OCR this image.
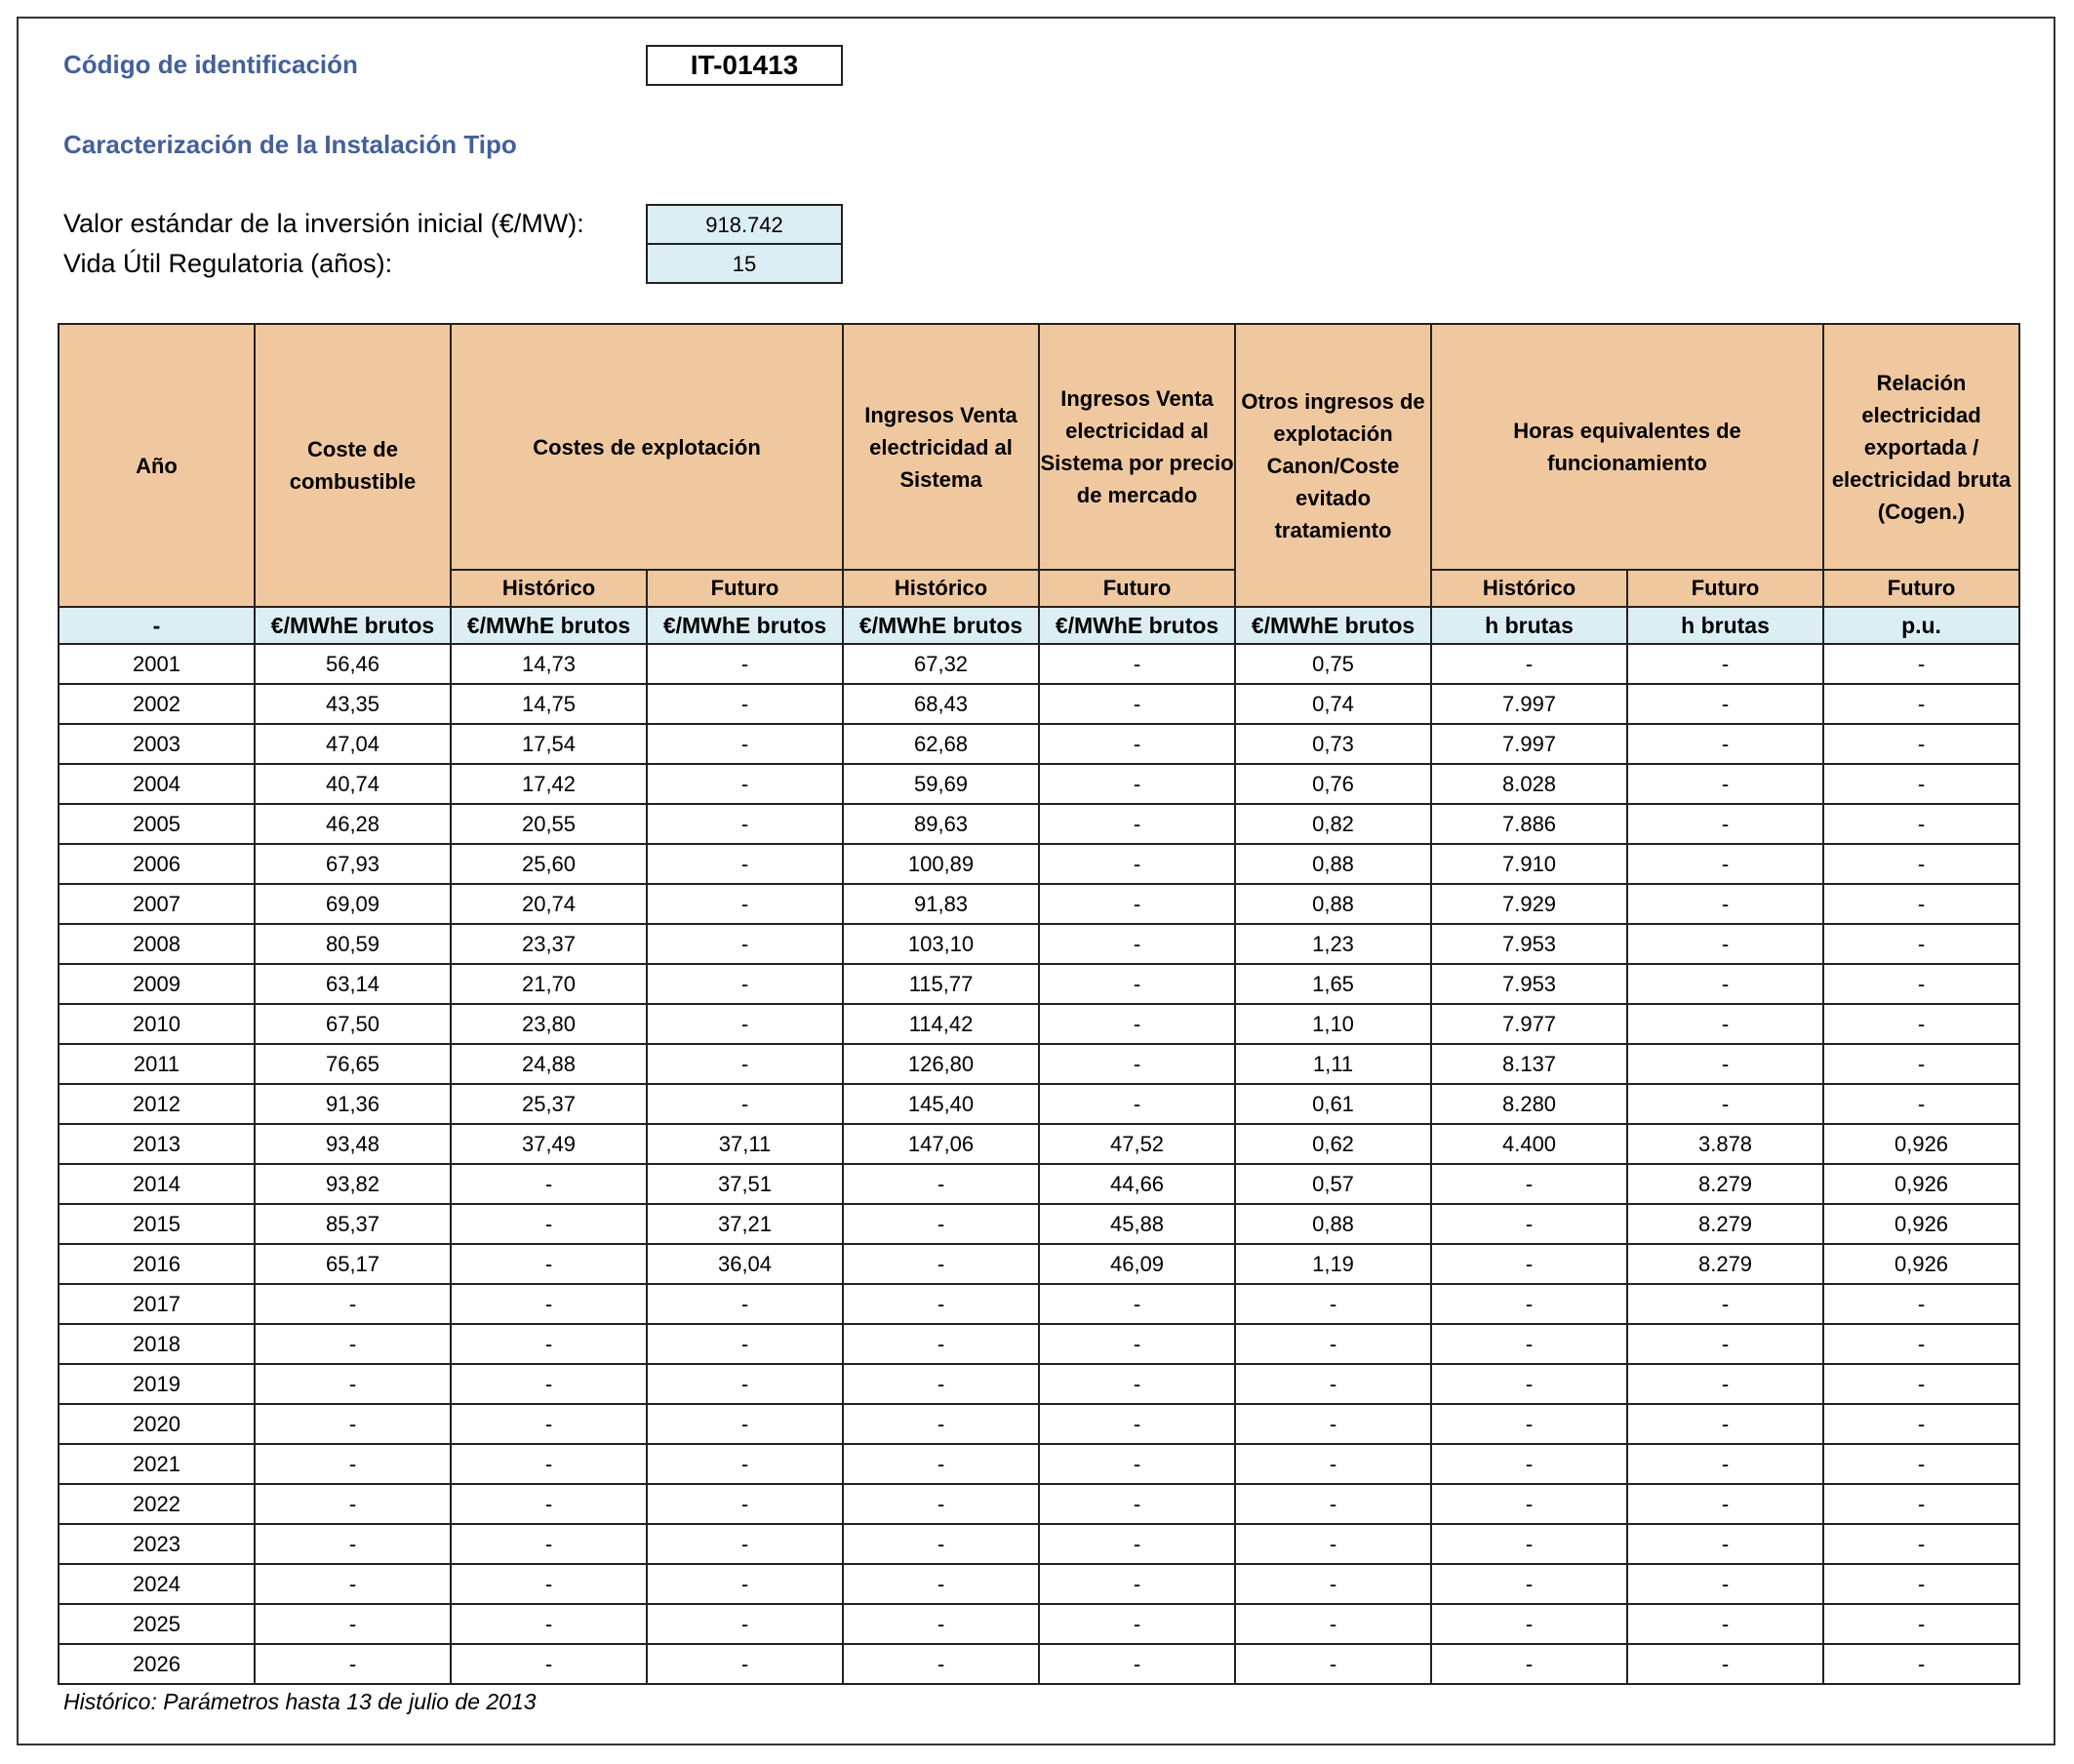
Código de identificación	IT-01413
Caracterización de la Instalación Tipo
Valor estándar de la inversión inicial (€/MW):	918.742
Vida Útil Regulatoria (años):	15
Año	Coste de combustible	Costes de explotación		Ingresos Venta electricidad al Sistema	Ingresos Venta electricidad al Sistema por precio de mercado	Otros ingresos de explotación Canon/Coste evitado tratamiento	Horas equivalentes de funcionamiento		Relación electricidad exportada / electricidad bruta (Cogen.)
		Histórico	Futuro	Histórico	Futuro		Histórico	Futuro	Futuro
-	€/MWhE brutos	€/MWhE brutos	€/MWhE brutos	€/MWhE brutos	€/MWhE brutos	€/MWhE brutos	h brutas	h brutas	p.u.
2001	56,46	14,73	-	67,32	-	0,75	-	-	-
2002	43,35	14,75	-	68,43	-	0,74	7.997	-	-
2003	47,04	17,54	-	62,68	-	0,73	7.997	-	-
2004	40,74	17,42	-	59,69	-	0,76	8.028	-	-
2005	46,28	20,55	-	89,63	-	0,82	7.886	-	-
2006	67,93	25,60	-	100,89	-	0,88	7.910	-	-
2007	69,09	20,74	-	91,83	-	0,88	7.929	-	-
2008	80,59	23,37	-	103,10	-	1,23	7.953	-	-
2009	63,14	21,70	-	115,77	-	1,65	7.953	-	-
2010	67,50	23,80	-	114,42	-	1,10	7.977	-	-
2011	76,65	24,88	-	126,80	-	1,11	8.137	-	-
2012	91,36	25,37	-	145,40	-	0,61	8.280	-	-
2013	93,48	37,49	37,11	147,06	47,52	0,62	4.400	3.878	0,926
2014	93,82	-	37,51	-	44,66	0,57	-	8.279	0,926
2015	85,37	-	37,21	-	45,88	0,88	-	8.279	0,926
2016	65,17	-	36,04	-	46,09	1,19	-	8.279	0,926
2017	-	-	-	-	-	-	-	-	-
2018	-	-	-	-	-	-	-	-	-
2019	-	-	-	-	-	-	-	-	-
2020	-	-	-	-	-	-	-	-	-
2021	-	-	-	-	-	-	-	-	-
2022	-	-	-	-	-	-	-	-	-
2023	-	-	-	-	-	-	-	-	-
2024	-	-	-	-	-	-	-	-	-
2025	-	-	-	-	-	-	-	-	-
2026	-	-	-	-	-	-	-	-	-
Histórico: Parámetros hasta 13 de julio de 2013
